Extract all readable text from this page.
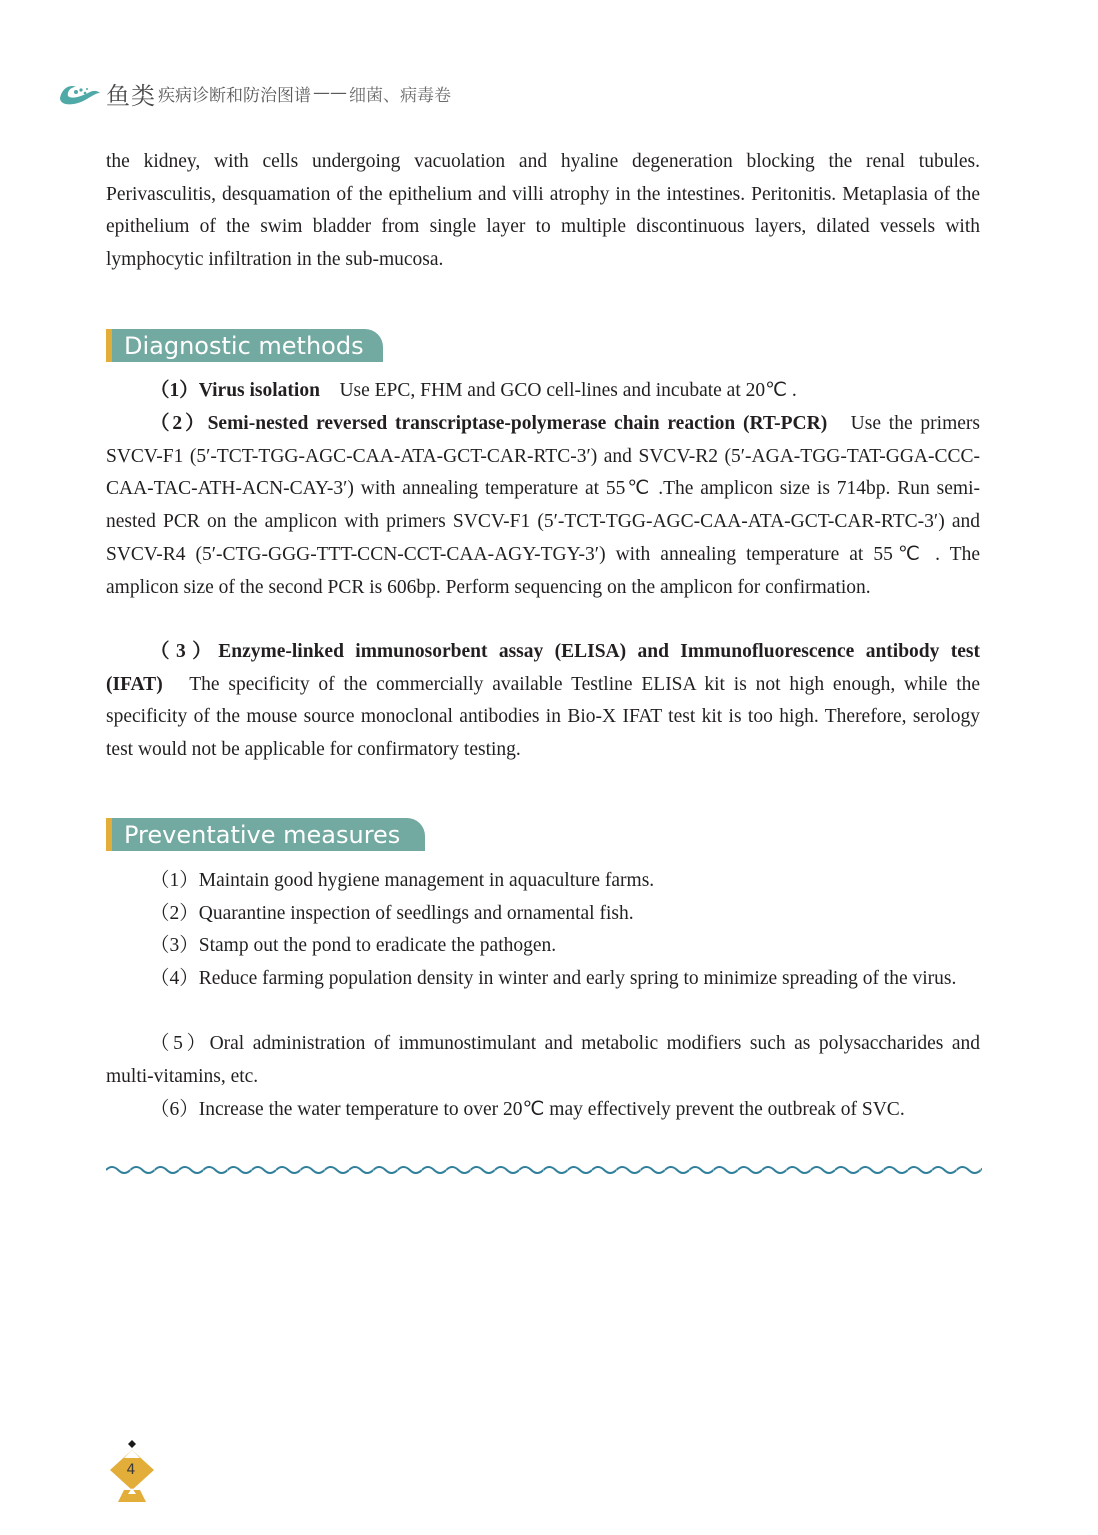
鱼类 疾病诊断和防治图谱 —— 细菌、病毒卷

the kidney, with cells undergoing vacuolation and hyaline degeneration blocking the renal tubules. Perivasculitis, desquamation of the epithelium and villi atrophy in the intestines. Peritonitis. Metaplasia of the epithelium of the swim bladder from single layer to multiple discontinuous layers, dilated vessels with lymphocytic infiltration in the sub-mucosa.

Diagnostic methods

（1）Virus isolation Use EPC, FHM and GCO cell-lines and incubate at 20℃ .

（2）Semi-nested reversed transcriptase-polymerase chain reaction (RT-PCR) Use the primers SVCV-F1 (5′-TCT-TGG-AGC-CAA-ATA-GCT-CAR-RTC-3′) and SVCV-R2 (5′-AGA-TGG-TAT-GGA-CCC-CAA-TAC-ATH-ACN-CAY-3′) with annealing temperature at 55℃ .The amplicon size is 714bp. Run semi-nested PCR on the amplicon with primers SVCV-F1 (5′-TCT-TGG-AGC-CAA-ATA-GCT-CAR-RTC-3′) and SVCV-R4 (5′-CTG-GGG-TTT-CCN-CCT-CAA-AGY-TGY-3′) with annealing temperature at 55℃ . The amplicon size of the second PCR is 606bp. Perform sequencing on the amplicon for confirmation.

（3）Enzyme-linked immunosorbent assay (ELISA) and Immunofluorescence antibody test (IFAT) The specificity of the commercially available Testline ELISA kit is not high enough, while the specificity of the mouse source monoclonal antibodies in Bio-X IFAT test kit is too high. Therefore, serology test would not be applicable for confirmatory testing.

Preventative measures

（1）Maintain good hygiene management in aquaculture farms.

（2）Quarantine inspection of seedlings and ornamental fish.

（3）Stamp out the pond to eradicate the pathogen.

（4）Reduce farming population density in winter and early spring to minimize spreading of the virus.

（5）Oral administration of immunostimulant and metabolic modifiers such as polysaccharides and multi-vitamins, etc.

（6）Increase the water temperature to over 20℃ may effectively prevent the outbreak of SVC.

4
